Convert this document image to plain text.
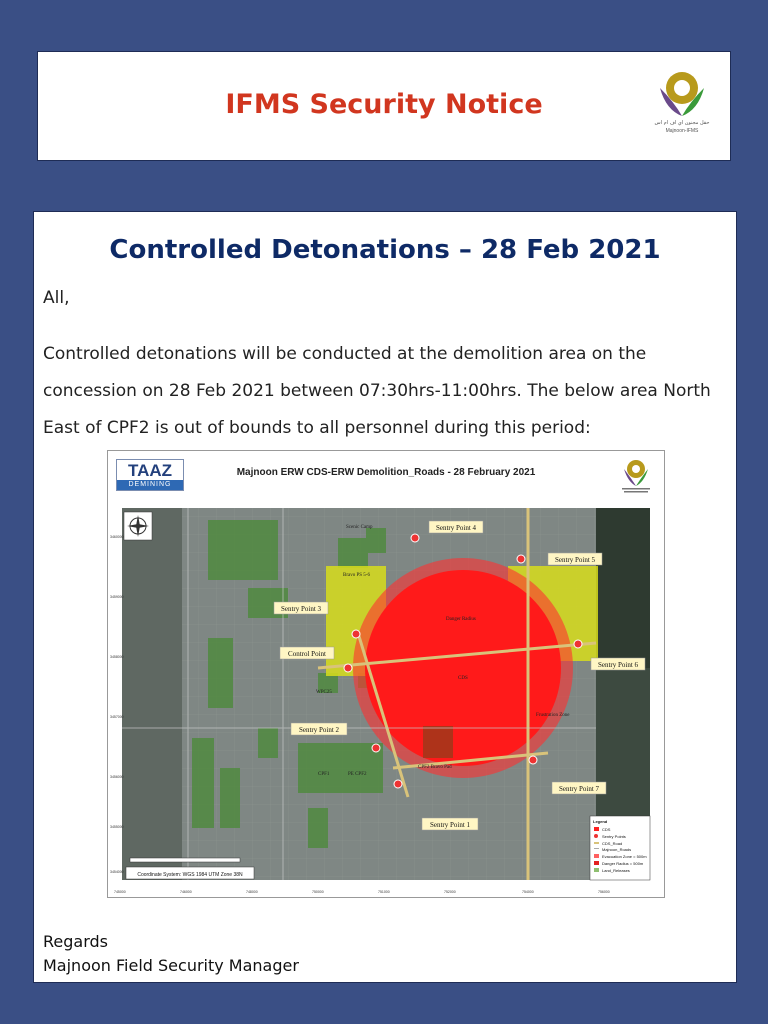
IFMS Security Notice
حقل مجنون اي اف ام اس
Majnoon-IFMS
Controlled Detonations – 28 Feb 2021
All,
Controlled detonations will be conducted at the demolition area on the concession on 28 Feb 2021 between 07:30hrs-11:00hrs. The below area North East of CPF2 is out of bounds to all personnel during this period:
TAAZ
DEMINING
Majnoon ERW CDS-ERW Demolition_Roads - 28 February 2021
Sentry Point 4
Sentry Point 5
Sentry Point 3
Sentry Point 6
Control Point
Sentry Point 2
Sentry Point 7
Sentry Point 1
Danger Radius
CDS
Frustration Zone
WPC25
CPF1	PE CPF2
Scenic Camp
Bravo PS 5-6
CPF2 Bravo Pad
Coordinate System: WGS 1984 UTM Zone 38N
Legend
CDS
Sentry Points
CDS_Road
Majnoon_Roads
Evacuation Zone = 500m
Danger Radius = 500m
Land_Releases
745000	746000	748000	750000	751000	752000	754000	756000
3460000
3459000
3458000
3457000
3456000
3455000
3454000
Regards
Majnoon Field Security Manager
